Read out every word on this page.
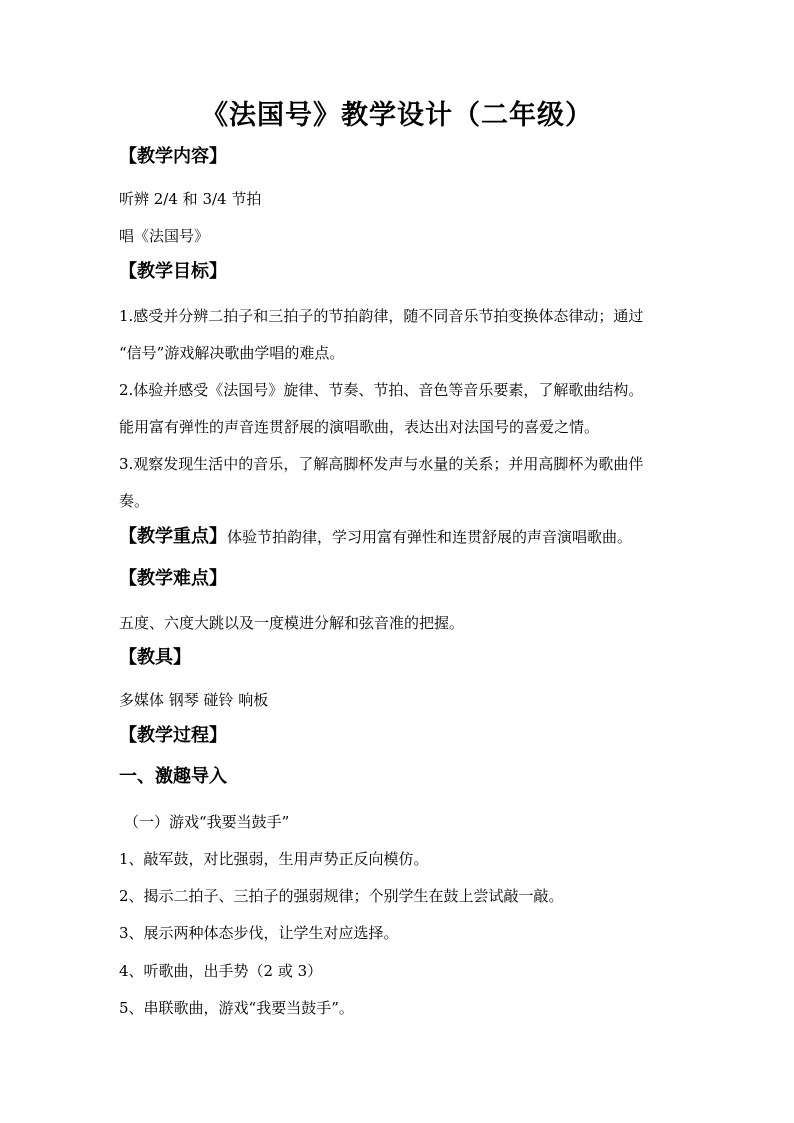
《法国号》教学设计（二年级）
【教学内容】
听辨 2/4 和 3/4 节拍
唱《法国号》
【教学目标】
1.感受并分辨二拍子和三拍子的节拍韵律，随不同音乐节拍变换体态律动；通过
“信号”游戏解决歌曲学唱的难点。
2.体验并感受《法国号》旋律、节奏、节拍、音色等音乐要素，了解歌曲结构。
能用富有弹性的声音连贯舒展的演唱歌曲，表达出对法国号的喜爱之情。
3.观察发现生活中的音乐，了解高脚杯发声与水量的关系；并用高脚杯为歌曲伴
奏。
【教学重点】体验节拍韵律，学习用富有弹性和连贯舒展的声音演唱歌曲。
【教学难点】
五度、六度大跳以及一度模进分解和弦音准的把握。
【教具】
多媒体 钢琴 碰铃 响板
【教学过程】
一、激趣导入
（一）游戏“我要当鼓手”
1、敲军鼓，对比强弱，生用声势正反向模仿。
2、揭示二拍子、三拍子的强弱规律；个别学生在鼓上尝试敲一敲。
3、展示两种体态步伐，让学生对应选择。
4、听歌曲，出手势（2 或 3）
5、串联歌曲，游戏“我要当鼓手”。
